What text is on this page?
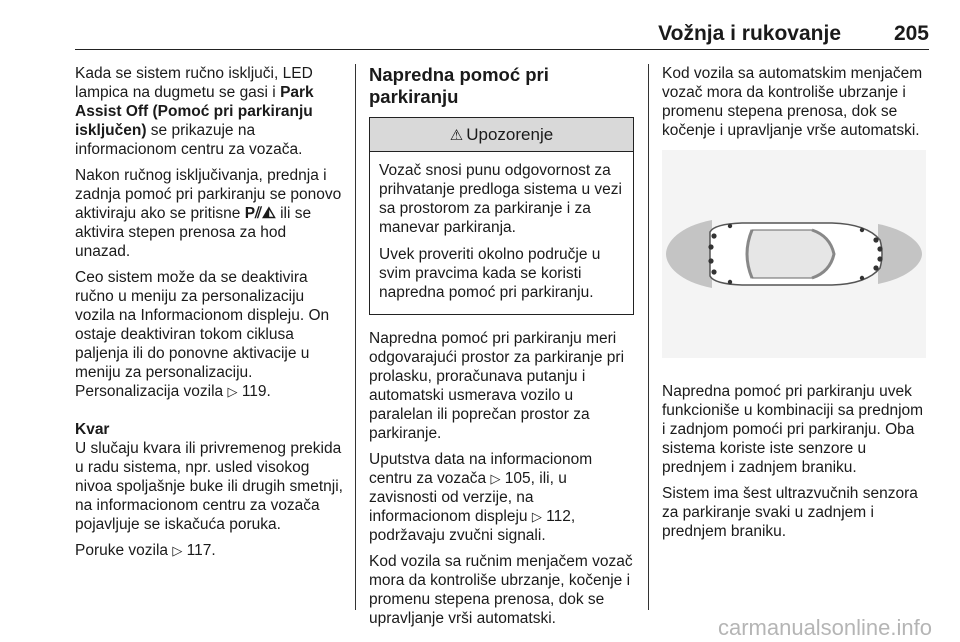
Vožnja i rukovanje	205

Kada se sistem ručno isključi, LED lampica na dugmetu se gasi i Park Assist Off (Pomoć pri parkiranju isključen) se prikazuje na informacionom centru za vozača.

Nakon ručnog isključivanja, prednja i zadnja pomoć pri parkiranju se ponovo aktiviraju ako se pritisne P⫽◭ ili se aktivira stepen prenosa za hod unazad.

Ceo sistem može da se deaktivira ručno u meniju za personalizaciju vozila na Informacionom displeju. On ostaje deaktiviran tokom ciklusa paljenja ili do ponovne aktivacije u meniju za personalizaciju. Personalizacija vozila ▷ 119.

Kvar

U slučaju kvara ili privremenog prekida u radu sistema, npr. usled visokog nivoa spoljašnje buke ili drugih smetnji, na informacionom centru za vozača pojavljuje se iskačuća poruka.

Poruke vozila ▷ 117.

Napredna pomoć pri parkiranju
⚠ Upozorenje

Vozač snosi punu odgovornost za prihvatanje predloga sistema u vezi sa prostorom za parkiranje i za manevar parkiranja.

Uvek proveriti okolno područje u svim pravcima kada se koristi napredna pomoć pri parkiranju.

Napredna pomoć pri parkiranju meri odgovarajući prostor za parkiranje pri prolasku, proračunava putanju i automatski usmerava vozilo u paralelan ili poprečan prostor za parkiranje.

Uputstva data na informacionom centru za vozača ▷ 105, ili, u zavisnosti od verzije, na informacionom displeju ▷ 112, podržavaju zvučni signali.

Kod vozila sa ručnim menjačem vozač mora da kontroliše ubrzanje, kočenje i promenu stepena prenosa, dok se upravljanje vrši automatski.

Kod vozila sa automatskim menjačem vozač mora da kontroliše ubrzanje i promenu stepena prenosa, dok se kočenje i upravljanje vrše automatski.

Napredna pomoć pri parkiranju uvek funkcioniše u kombinaciji sa prednjom i zadnjom pomoći pri parkiranju. Oba sistema koriste iste senzore u prednjem i zadnjem braniku.

Sistem ima šest ultrazvučnih senzora za parkiranje svaki u zadnjem i prednjem braniku.

carmanualsonline.info
